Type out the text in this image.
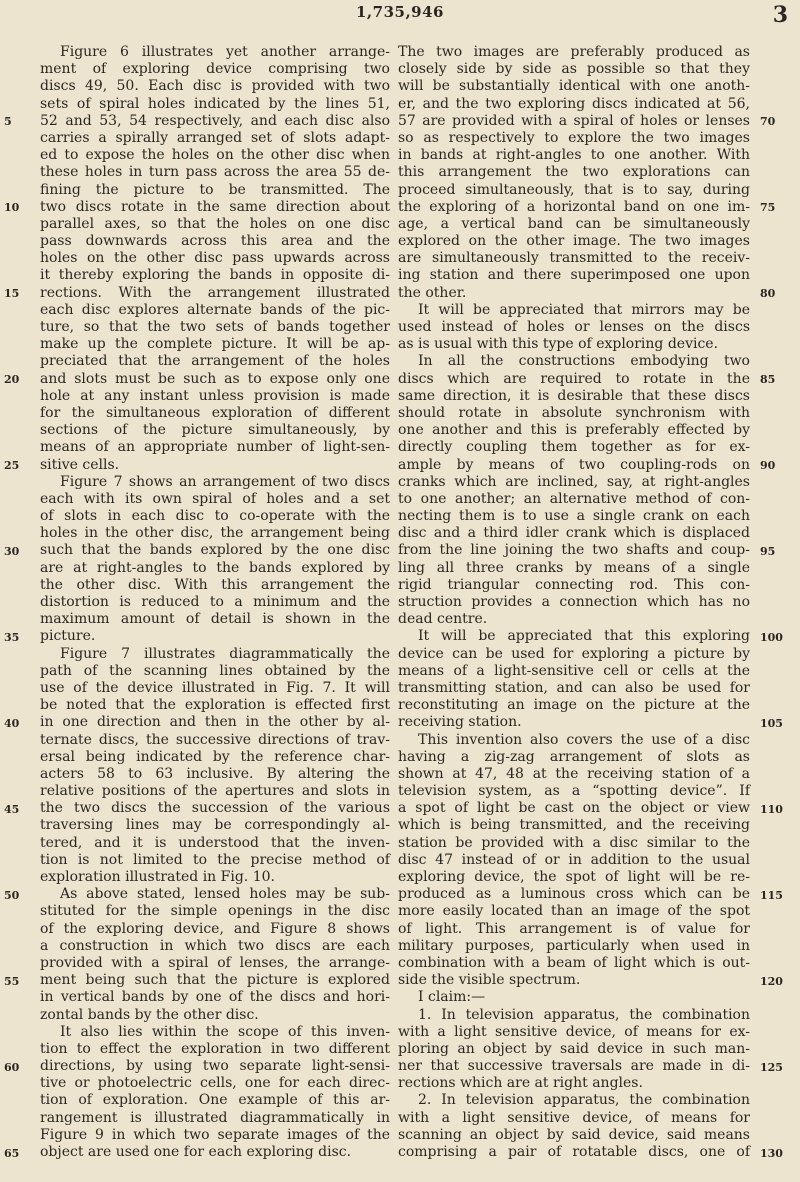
1,735,946	3
Figure 6 illustrates yet another arrange-
ment of exploring device comprising two
discs 49, 50. Each disc is provided with two
sets of spiral holes indicated by the lines 51,
52 and 53, 54 respectively, and each disc also
carries a spirally arranged set of slots adapt-
ed to expose the holes on the other disc when
these holes in turn pass across the area 55 de-
fining the picture to be transmitted. The
two discs rotate in the same direction about
parallel axes, so that the holes on one disc
pass downwards across this area and the
holes on the other disc pass upwards across
it thereby exploring the bands in opposite di-
rections. With the arrangement illustrated
each disc explores alternate bands of the pic-
ture, so that the two sets of bands together
make up the complete picture. It will be ap-
preciated that the arrangement of the holes
and slots must be such as to expose only one
hole at any instant unless provision is made
for the simultaneous exploration of different
sections of the picture simultaneously, by
means of an appropriate number of light-sen-
sitive cells.
Figure 7 shows an arrangement of two discs
each with its own spiral of holes and a set
of slots in each disc to co-operate with the
holes in the other disc, the arrangement being
such that the bands explored by the one disc
are at right-angles to the bands explored by
the other disc. With this arrangement the
distortion is reduced to a minimum and the
maximum amount of detail is shown in the
picture.
Figure 7 illustrates diagrammatically the
path of the scanning lines obtained by the
use of the device illustrated in Fig. 7. It will
be noted that the exploration is effected first
in one direction and then in the other by al-
ternate discs, the successive directions of trav-
ersal being indicated by the reference char-
acters 58 to 63 inclusive. By altering the
relative positions of the apertures and slots in
the two discs the succession of the various
traversing lines may be correspondingly al-
tered, and it is understood that the inven-
tion is not limited to the precise method of
exploration illustrated in Fig. 10.
As above stated, lensed holes may be sub-
stituted for the simple openings in the disc
of the exploring device, and Figure 8 shows
a construction in which two discs are each
provided with a spiral of lenses, the arrange-
ment being such that the picture is explored
in vertical bands by one of the discs and hori-
zontal bands by the other disc.
It also lies within the scope of this inven-
tion to effect the exploration in two different
directions, by using two separate light-sensi-
tive or photoelectric cells, one for each direc-
tion of exploration. One example of this ar-
rangement is illustrated diagrammatically in
Figure 9 in which two separate images of the
object are used one for each exploring disc.
The two images are preferably produced as
closely side by side as possible so that they
will be substantially identical with one anoth-
er, and the two exploring discs indicated at 56,
57 are provided with a spiral of holes or lenses
so as respectively to explore the two images
in bands at right-angles to one another. With
this arrangement the two explorations can
proceed simultaneously, that is to say, during
the exploring of a horizontal band on one im-
age, a vertical band can be simultaneously
explored on the other image. The two images
are simultaneously transmitted to the receiv-
ing station and there superimposed one upon
the other.
It will be appreciated that mirrors may be
used instead of holes or lenses on the discs
as is usual with this type of exploring device.
In all the constructions embodying two
discs which are required to rotate in the
same direction, it is desirable that these discs
should rotate in absolute synchronism with
one another and this is preferably effected by
directly coupling them together as for ex-
ample by means of two coupling-rods on
cranks which are inclined, say, at right-angles
to one another; an alternative method of con-
necting them is to use a single crank on each
disc and a third idler crank which is displaced
from the line joining the two shafts and coup-
ling all three cranks by means of a single
rigid triangular connecting rod. This con-
struction provides a connection which has no
dead centre.
It will be appreciated that this exploring
device can be used for exploring a picture by
means of a light-sensitive cell or cells at the
transmitting station, and can also be used for
reconstituting an image on the picture at the
receiving station.
This invention also covers the use of a disc
having a zig-zag arrangement of slots as
shown at 47, 48 at the receiving station of a
television system, as a “spotting device”. If
a spot of light be cast on the object or view
which is being transmitted, and the receiving
station be provided with a disc similar to the
disc 47 instead of or in addition to the usual
exploring device, the spot of light will be re-
produced as a luminous cross which can be
more easily located than an image of the spot
of light. This arrangement is of value for
military purposes, particularly when used in
combination with a beam of light which is out-
side the visible spectrum.
I claim:—
1. In television apparatus, the combination
with a light sensitive device, of means for ex-
ploring an object by said device in such man-
ner that successive traversals are made in di-
rections which are at right angles.
2. In television apparatus, the combination
with a light sensitive device, of means for
scanning an object by said device, said means
comprising a pair of rotatable discs, one of
5
10
15
20
25
30
35
40
45
50
55
60
65
70
75
80
85
90
95
100
105
110
115
120
125
130
